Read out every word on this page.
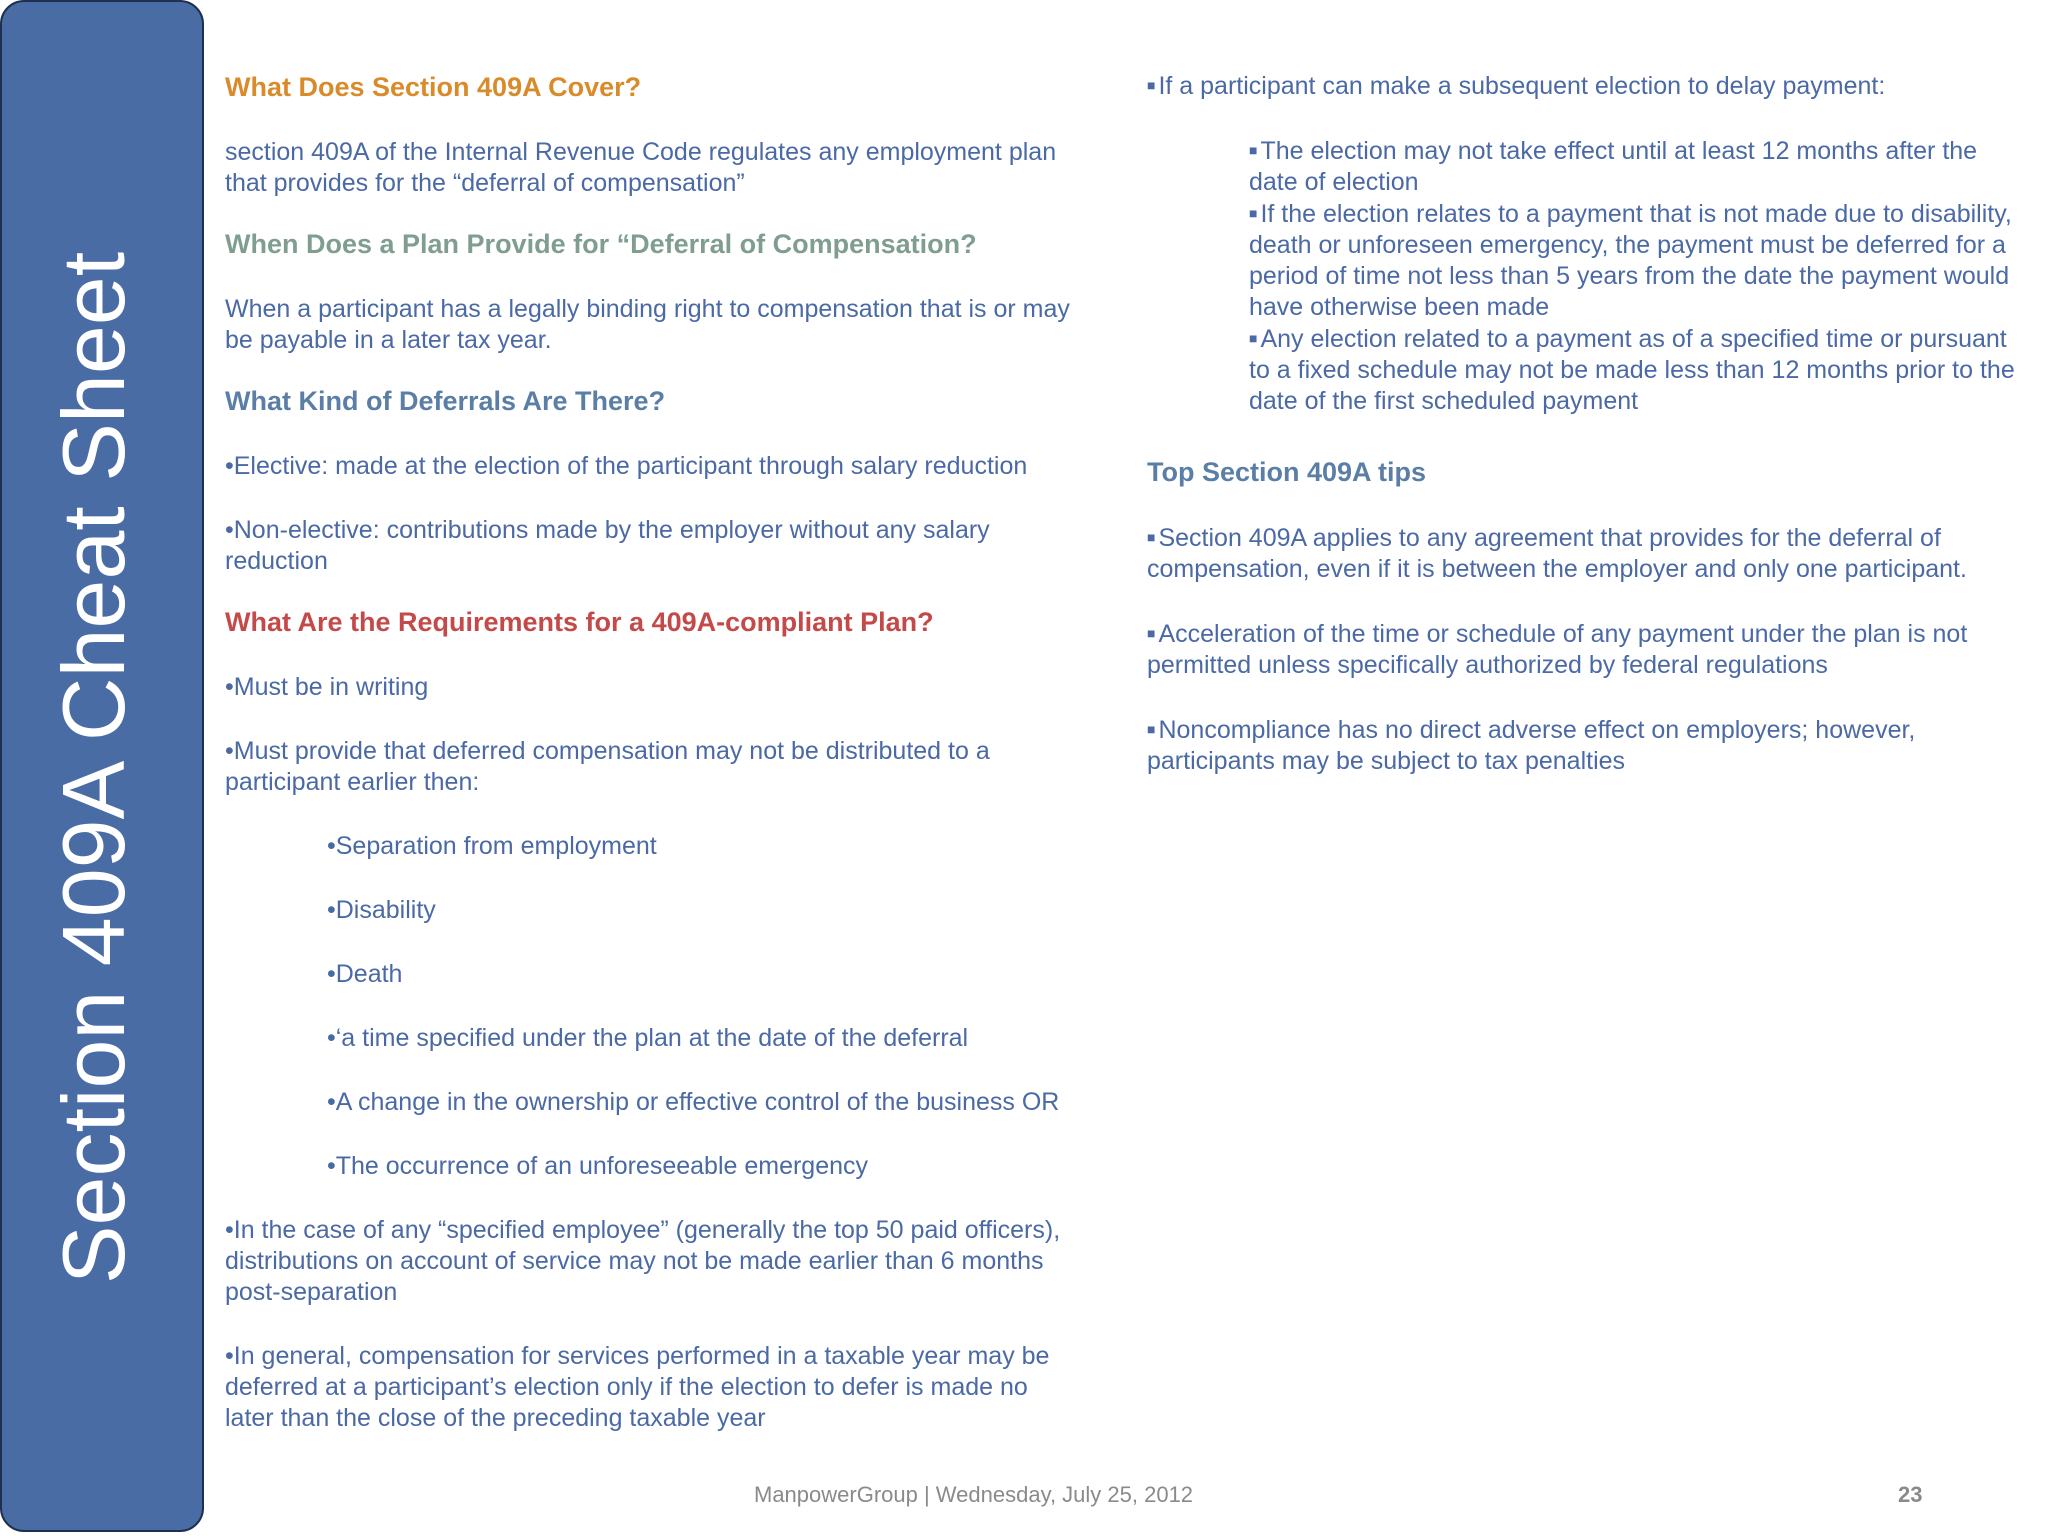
Section 409A Cheat Sheet

What Does Section 409A Cover?

section 409A of the Internal Revenue Code regulates any employment plan that provides for the “deferral of compensation”

When Does a Plan Provide for “Deferral of Compensation?

When a participant has a legally binding right to compensation that is or may be payable in a later tax year.

What Kind of Deferrals Are There?

•Elective: made at the election of the participant through salary reduction

•Non-elective: contributions made by the employer without any salary reduction

What Are the Requirements for a 409A-compliant Plan?

•Must be in writing

•Must provide that deferred compensation may not be distributed to a participant earlier then:

•Separation from employment

•Disability

•Death

•‘a time specified under the plan at the date of the deferral

•A change in the ownership or effective control of the business OR

•The occurrence of an unforeseeable emergency

•In the case of any “specified employee” (generally the top 50 paid officers), distributions on account of service may not be made earlier than 6 months post-separation

•In general, compensation for services performed in a taxable year may be deferred at a participant’s election only if the election to defer is made no later than the close of the preceding taxable year

■ If a participant can make a subsequent election to delay payment:

■ The election may not take effect until at least 12 months after the date of election

■ If the election relates to a payment that is not made due to disability, death or unforeseen emergency, the payment must be deferred for a period of time not less than 5 years from the date the payment would have otherwise been made

■ Any election related to a payment as of a specified time or pursuant to a fixed schedule may not be made less than 12 months prior to the date of the first scheduled payment

Top Section 409A tips

■ Section 409A applies to any agreement that provides for the deferral of compensation, even if it is between the employer and only one participant.

■ Acceleration of the time or schedule of any payment under the plan is not permitted unless specifically authorized by federal regulations

■ Noncompliance has no direct adverse effect on employers; however, participants may be subject to tax penalties

ManpowerGroup | Wednesday, July 25, 2012	23
